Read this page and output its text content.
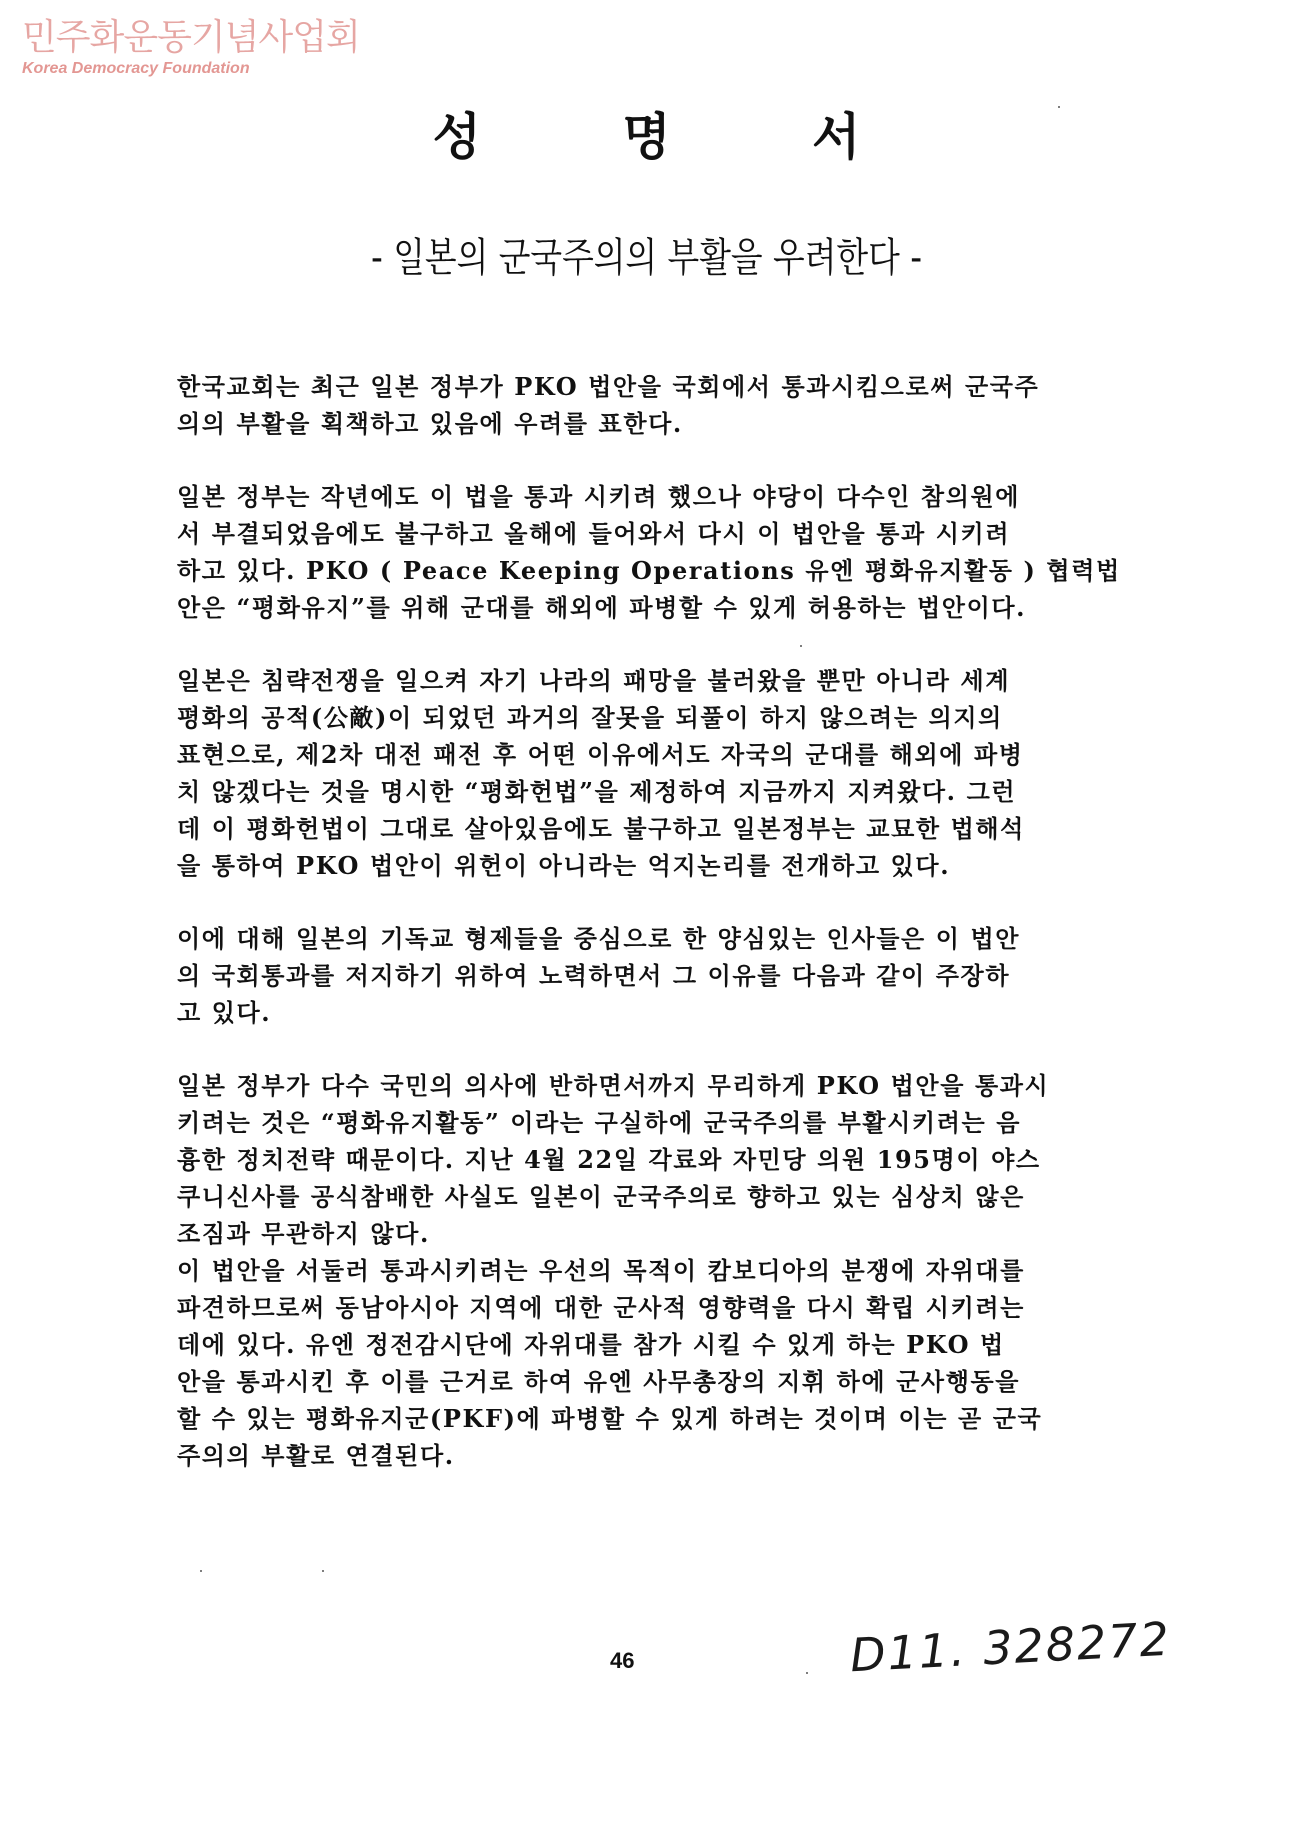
민주화운동기념사업회
Korea Democracy Foundation
성 명 서
- 일본의 군국주의의 부활을 우려한다 -
한국교회는 최근 일본 정부가 PKO 법안을 국회에서 통과시킴으로써 군국주
의의 부활을 획책하고 있음에 우려를 표한다.
일본 정부는 작년에도 이 법을 통과 시키려 했으나 야당이 다수인 참의원에
서 부결되었음에도 불구하고 올해에 들어와서 다시 이 법안을 통과 시키려
하고 있다. PKO ( Peace Keeping Operations 유엔 평화유지활동 ) 협력법
안은 “평화유지”를 위해 군대를 해외에 파병할 수 있게 허용하는 법안이다.
일본은 침략전쟁을 일으켜 자기 나라의 패망을 불러왔을 뿐만 아니라 세계
평화의 공적(公敵)이 되었던 과거의 잘못을 되풀이 하지 않으려는 의지의
표현으로, 제2차 대전 패전 후 어떤 이유에서도 자국의 군대를 해외에 파병
치 않겠다는 것을 명시한 “평화헌법”을 제정하여 지금까지 지켜왔다. 그런
데 이 평화헌법이 그대로 살아있음에도 불구하고 일본정부는 교묘한 법해석
을 통하여 PKO 법안이 위헌이 아니라는 억지논리를 전개하고 있다.
이에 대해 일본의 기독교 형제들을 중심으로 한 양심있는 인사들은 이 법안
의 국회통과를 저지하기 위하여 노력하면서 그 이유를 다음과 같이 주장하
고 있다.
일본 정부가 다수 국민의 의사에 반하면서까지 무리하게 PKO 법안을 통과시
키려는 것은 “평화유지활동” 이라는 구실하에 군국주의를 부활시키려는 음
흉한 정치전략 때문이다. 지난 4월 22일 각료와 자민당 의원 195명이 야스
쿠니신사를 공식참배한 사실도 일본이 군국주의로 향하고 있는 심상치 않은
조짐과 무관하지 않다.
이 법안을 서둘러 통과시키려는 우선의 목적이 캄보디아의 분쟁에 자위대를
파견하므로써 동남아시아 지역에 대한 군사적 영향력을 다시 확립 시키려는
데에 있다. 유엔 정전감시단에 자위대를 참가 시킬 수 있게 하는 PKO 법
안을 통과시킨 후 이를 근거로 하여 유엔 사무총장의 지휘 하에 군사행동을
할 수 있는 평화유지군(PKF)에 파병할 수 있게 하려는 것이며 이는 곧 군국
주의의 부활로 연결된다.
46	D11. 328272
